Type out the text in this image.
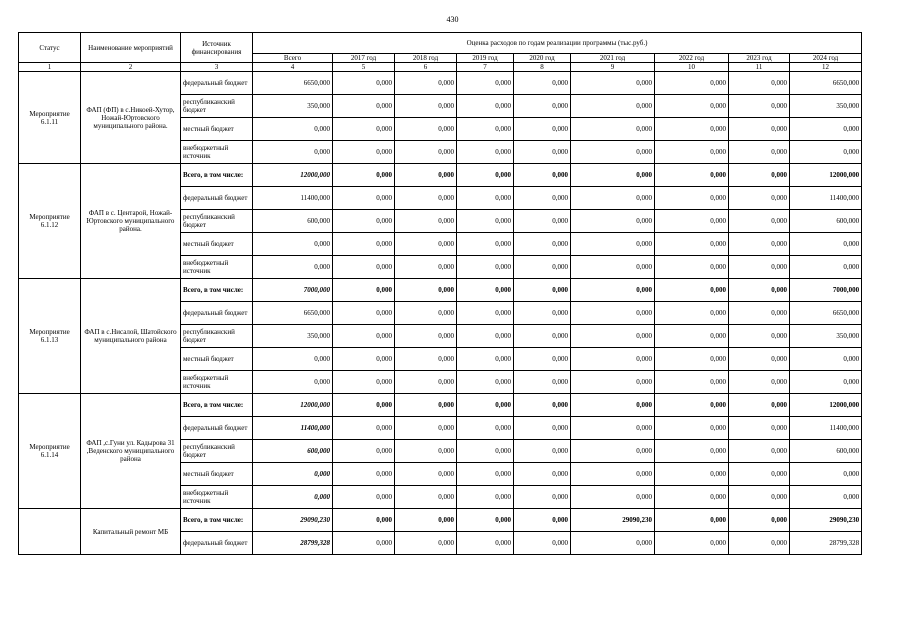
430
Статус	Наименование мероприятий	Источник финансирования	Оценка расходов по годам реализации программы (тыс.руб.)								
			Всего	2017 год	2018 год	2019 год	2020 год	2021 год	2022 год	2023 год	2024 год
1	2	3	4	5	6	7	8	9	10	11	12
Мероприятие 6.1.11	ФАП (ФП) в с.Никоей-Хутор, Ножай-Юртовского муниципального района.	федеральный бюджет	6650,000	0,000	0,000	0,000	0,000	0,000	0,000	0,000	6650,000
		республиканский бюджет	350,000	0,000	0,000	0,000	0,000	0,000	0,000	0,000	350,000
		местный бюджет	0,000	0,000	0,000	0,000	0,000	0,000	0,000	0,000	0,000
		внебюджетный источник	0,000	0,000	0,000	0,000	0,000	0,000	0,000	0,000	0,000
Мероприятие 6.1.12	ФАП в с. Центарой, Ножай-Юртовского муниципального района.	Всего, в том числе:	12000,000	0,000	0,000	0,000	0,000	0,000	0,000	0,000	12000,000
		федеральный бюджет	11400,000	0,000	0,000	0,000	0,000	0,000	0,000	0,000	11400,000
		республиканский бюджет	600,000	0,000	0,000	0,000	0,000	0,000	0,000	0,000	600,000
		местный бюджет	0,000	0,000	0,000	0,000	0,000	0,000	0,000	0,000	0,000
		внебюджетный источник	0,000	0,000	0,000	0,000	0,000	0,000	0,000	0,000	0,000
Мероприятие 6.1.13	ФАП в с.Нисалой, Шатойского муниципального района	Всего, в том числе:	7000,000	0,000	0,000	0,000	0,000	0,000	0,000	0,000	7000,000
		федеральный бюджет	6650,000	0,000	0,000	0,000	0,000	0,000	0,000	0,000	6650,000
		республиканский бюджет	350,000	0,000	0,000	0,000	0,000	0,000	0,000	0,000	350,000
		местный бюджет	0,000	0,000	0,000	0,000	0,000	0,000	0,000	0,000	0,000
		внебюджетный источник	0,000	0,000	0,000	0,000	0,000	0,000	0,000	0,000	0,000
Мероприятие 6.1.14	ФАП ,с.Гуни ул. Кадырова 31 ,Веденского муниципального района	Всего, в том числе:	12000,000	0,000	0,000	0,000	0,000	0,000	0,000	0,000	12000,000
		федеральный бюджет	11400,000	0,000	0,000	0,000	0,000	0,000	0,000	0,000	11400,000
		республиканский бюджет	600,000	0,000	0,000	0,000	0,000	0,000	0,000	0,000	600,000
		местный бюджет	0,000	0,000	0,000	0,000	0,000	0,000	0,000	0,000	0,000
		внебюджетный источник	0,000	0,000	0,000	0,000	0,000	0,000	0,000	0,000	0,000
	Капитальный ремонт МБ	Всего, в том числе:	29090,230	0,000	0,000	0,000	0,000	29090,230	0,000	0,000	29090,230
		федеральный бюджет	28799,328	0,000	0,000	0,000	0,000	0,000	0,000	0,000	28799,328
